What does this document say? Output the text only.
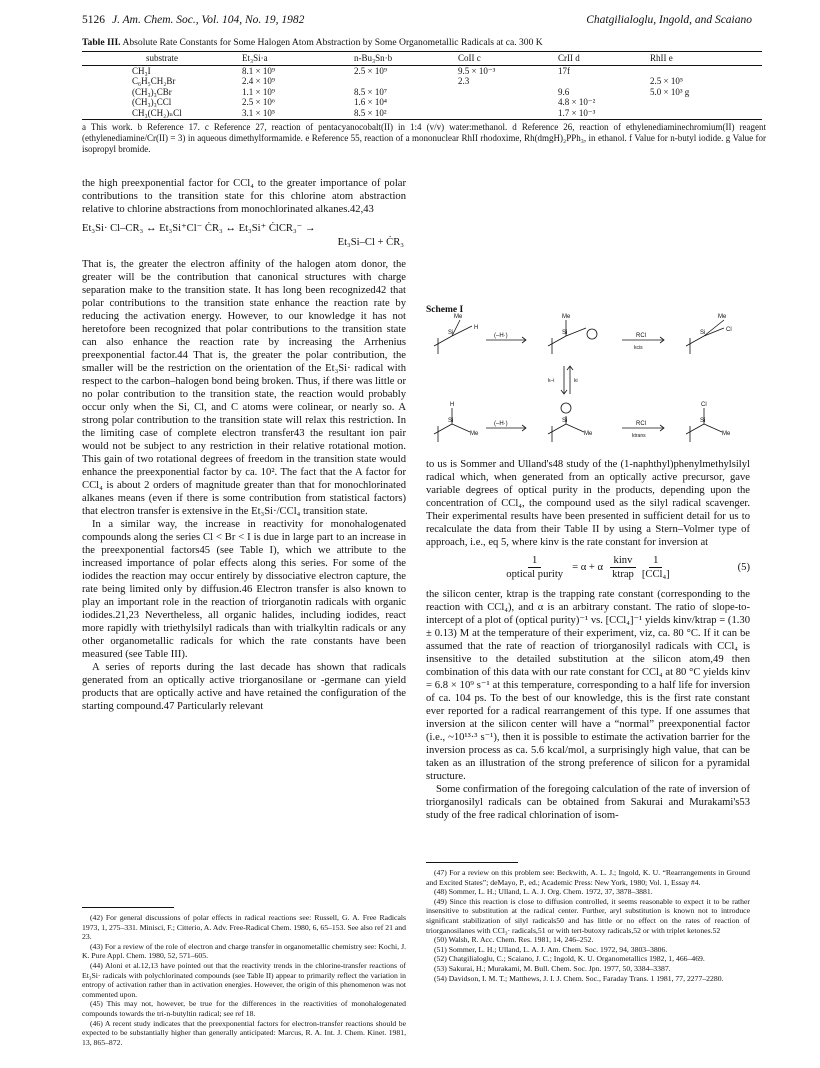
5126 J. Am. Chem. Soc., Vol. 104, No. 19, 1982	Chatgilialoglu, Ingold, and Scaiano
Table III. Absolute Rate Constants for Some Halogen Atom Abstraction by Some Organometallic Radicals at ca. 300 K
substrate	Et₃Si·a	n-Bu₃Sn·b	CoII c	CrII d	RhII e
CH₃I	8.1 × 10⁹	2.5 × 10⁹	9.5 × 10⁻³	17f	
C₆H₅CH₂Br	2.4 × 10⁹		2.3		2.5 × 10⁵
(CH₃)₃CBr	1.1 × 10⁹	8.5 × 10⁷		9.6	5.0 × 10³ g
(CH₃)₃CCl	2.5 × 10⁶	1.6 × 10⁴		4.8 × 10⁻²	
CH₃(CH₂)ₙCl	3.1 × 10⁵	8.5 × 10²		1.7 × 10⁻³	
a This work. b Reference 17. c Reference 27, reaction of pentacyanocobalt(II) in 1:4 (v/v) water:methanol. d Reference 26, reaction of ethylenediaminechromium(II) reagent (ethylenediamine/Cr(II) = 3) in aqueous dimethylformamide. e Reference 55, reaction of a mononuclear RhII rhodoxime, Rh(dmgH)₂PPh₃, in ethanol. f Value for n-butyl iodide. g Value for isopropyl bromide.

the high preexponential factor for CCl₄ to the greater importance of polar contributions to the transition state for this chlorine atom abstraction relative to chlorine abstractions from monochlorinated alkanes.42,43

Et₃Si· Cl–CR₃ ↔ Et₃Si⁺Cl⁻ ĊR₃ ↔ Et₃Si⁺ ĊlCR₃⁻ →
Et₃Si–Cl + ĊR₃

That is, the greater the electron affinity of the halogen atom donor, the greater will be the contribution that canonical structures with charge separation make to the transition state. It has long been recognized42 that polar contributions to the transition state enhance the reaction rate by reducing the activation energy. However, to our knowledge it has not heretofore been recognized that polar contributions to the transition state can also enhance the reaction rate by increasing the Arrhenius preexponential factor.44 That is, the greater the polar contribution, the smaller will be the restriction on the orientation of the Et₃Si· radical with respect to the carbon–halogen bond being broken. Thus, if there was little or no polar contribution to the transition state, the reaction would probably occur only when the Si, Cl, and C atoms were colinear, or nearly so. A strong polar contribution to the transition state will relax this restriction. In the limiting case of complete electron transfer43 the resultant ion pair would not be subject to any restriction in their relative rotational motion. This gain of two rotational degrees of freedom in the transition state would enhance the preexponential factor by ca. 10². The fact that the A factor for CCl₄ is about 2 orders of magnitude greater than that for monochlorinated alkanes means (even if there is some contribution from statistical factors) that electron transfer is extensive in the Et₃Si·/CCl₄ transition state.

In a similar way, the increase in reactivity for monohalogenated compounds along the series Cl < Br < I is due in large part to an increase in the preexponential factors45 (see Table I), which we attribute to the increased importance of polar effects along this series. For some of the iodides the reaction may occur entirely by dissociative electron capture, the rate being limited only by diffusion.46 Electron transfer is also known to play an important role in the reaction of triorganotin radicals with organic iodides.21,23 Nevertheless, all organic halides, including iodides, react more rapidly with triethylsilyl radicals than with trialkyltin radicals or any other organometallic radicals for which the rate constants have been measured (see Table III).

A series of reports during the last decade has shown that radicals generated from an optically active triorganosilane or -germane can yield products that are optically active and have retained the configuration of the starting compound.47 Particularly relevant

(42) For general discussions of polar effects in radical reactions see: Russell, G. A. Free Radicals 1973, 1, 275–331. Minisci, F.; Citterio, A. Adv. Free-Radical Chem. 1980, 6, 65–153. See also ref 21 and 23.

(43) For a review of the role of electron and charge transfer in organometallic chemistry see: Kochi, J. K. Pure Appl. Chem. 1980, 52, 571–605.

(44) Aloni et al.12,13 have pointed out that the reactivity trends in the chlorine-transfer reactions of Et₃Si· radicals with polychlorinated compounds (see Table II) appear to primarily reflect the variation in entropy of activation rather than in activation energies. However, the origin of this phenomenon was not commented upon.

(45) This may not, however, be true for the differences in the reactivities of monohalogenated compounds towards the tri-n-butyltin radical; see ref 18.

(46) A recent study indicates that the preexponential factors for electron-transfer reactions should be expected to be substantially higher than generally anticipated: Marcus, R. A. Int. J. Chem. Kinet. 1981, 13, 865–872.

Scheme I
Me
Si
H
Me
Si
Me
Si	Cl
H
Si
Me
Si
Me
Cl
Si
Me
(–H·)
(–H·)
RCl
RCl
kcis
ktrans
k–i	ki

to us is Sommer and Ulland's48 study of the (1-naphthyl)phenylmethylsilyl radical which, when generated from an optically active precursor, gave variable degrees of optical purity in the products, depending upon the concentration of CCl₄, the compound used as the silyl radical scavenger. Their experimental results have been presented in sufficient detail for us to recalculate the data from their Table II by using a Stern–Volmer type of approach, i.e., eq 5, where kinv is the rate constant for inversion at

$\frac{1}{\text{optical purity}} = \alpha + \alpha \frac{\text{kinv}}{\text{ktrap}} \frac{1}{\text{[CCl₄]}}$	(5)

the silicon center, ktrap is the trapping rate constant (corresponding to the reaction with CCl₄), and α is an arbitrary constant. The ratio of slope-to-intercept of a plot of (optical purity)⁻¹ vs. [CCl₄]⁻¹ yields kinv/ktrap = (1.30 ± 0.13) M at the temperature of their experiment, viz, ca. 80 °C. If it can be assumed that the rate of reaction of triorganosilyl radicals with CCl₄ is insensitive to the detailed substitution at the silicon atom,49 then combination of this data with our rate constant for CCl₄ at 80 °C yields kinv = 6.8 × 10⁹ s⁻¹ at this temperature, corresponding to a half life for inversion of ca. 104 ps. To the best of our knowledge, this is the first rate constant ever reported for a radical rearrangement of this type. If one assumes that inversion at the silicon center will have a “normal” preexponential factor (i.e., ~10¹³·³ s⁻¹), then it is possible to estimate the activation barrier for the inversion process as ca. 5.6 kcal/mol, a surprisingly high value, that can be taken as an illustration of the strong preference of silicon for a pyramidal structure.

Some confirmation of the foregoing calculation of the rate of inversion of triorganosilyl radicals can be obtained from Sakurai and Murakami's53 study of the free radical chlorination of isom-

(47) For a review on this problem see: Beckwith, A. L. J.; Ingold, K. U. “Rearrangements in Ground and Excited States”; deMayo, P., ed.; Academic Press: New York, 1980; Vol. 1, Essay #4.

(48) Sommer, L. H.; Ulland, L. A. J. Org. Chem. 1972, 37, 3878–3881.

(49) Since this reaction is close to diffusion controlled, it seems reasonable to expect it to be rather insensitive to substitution at the radical center. Further, aryl substitution is known not to introduce significant stabilization of silyl radicals50 and has little or no effect on the rates of reaction of triorganosilanes with CCl₃· radicals,51 or with tert-butoxy radicals,52 or with triplet ketones.52

(50) Walsh, R. Acc. Chem. Res. 1981, 14, 246–252.

(51) Sommer, L. H.; Ulland, L. A. J. Am. Chem. Soc. 1972, 94, 3803–3806.

(52) Chatgilialoglu, C.; Scaiano, J. C.; Ingold, K. U. Organometallics 1982, 1, 466–469.

(53) Sakurai, H.; Murakami, M. Bull. Chem. Soc. Jpn. 1977, 50, 3384–3387.

(54) Davidson, I. M. T.; Matthews, J. I. J. Chem. Soc., Faraday Trans. 1 1981, 77, 2277–2280.
